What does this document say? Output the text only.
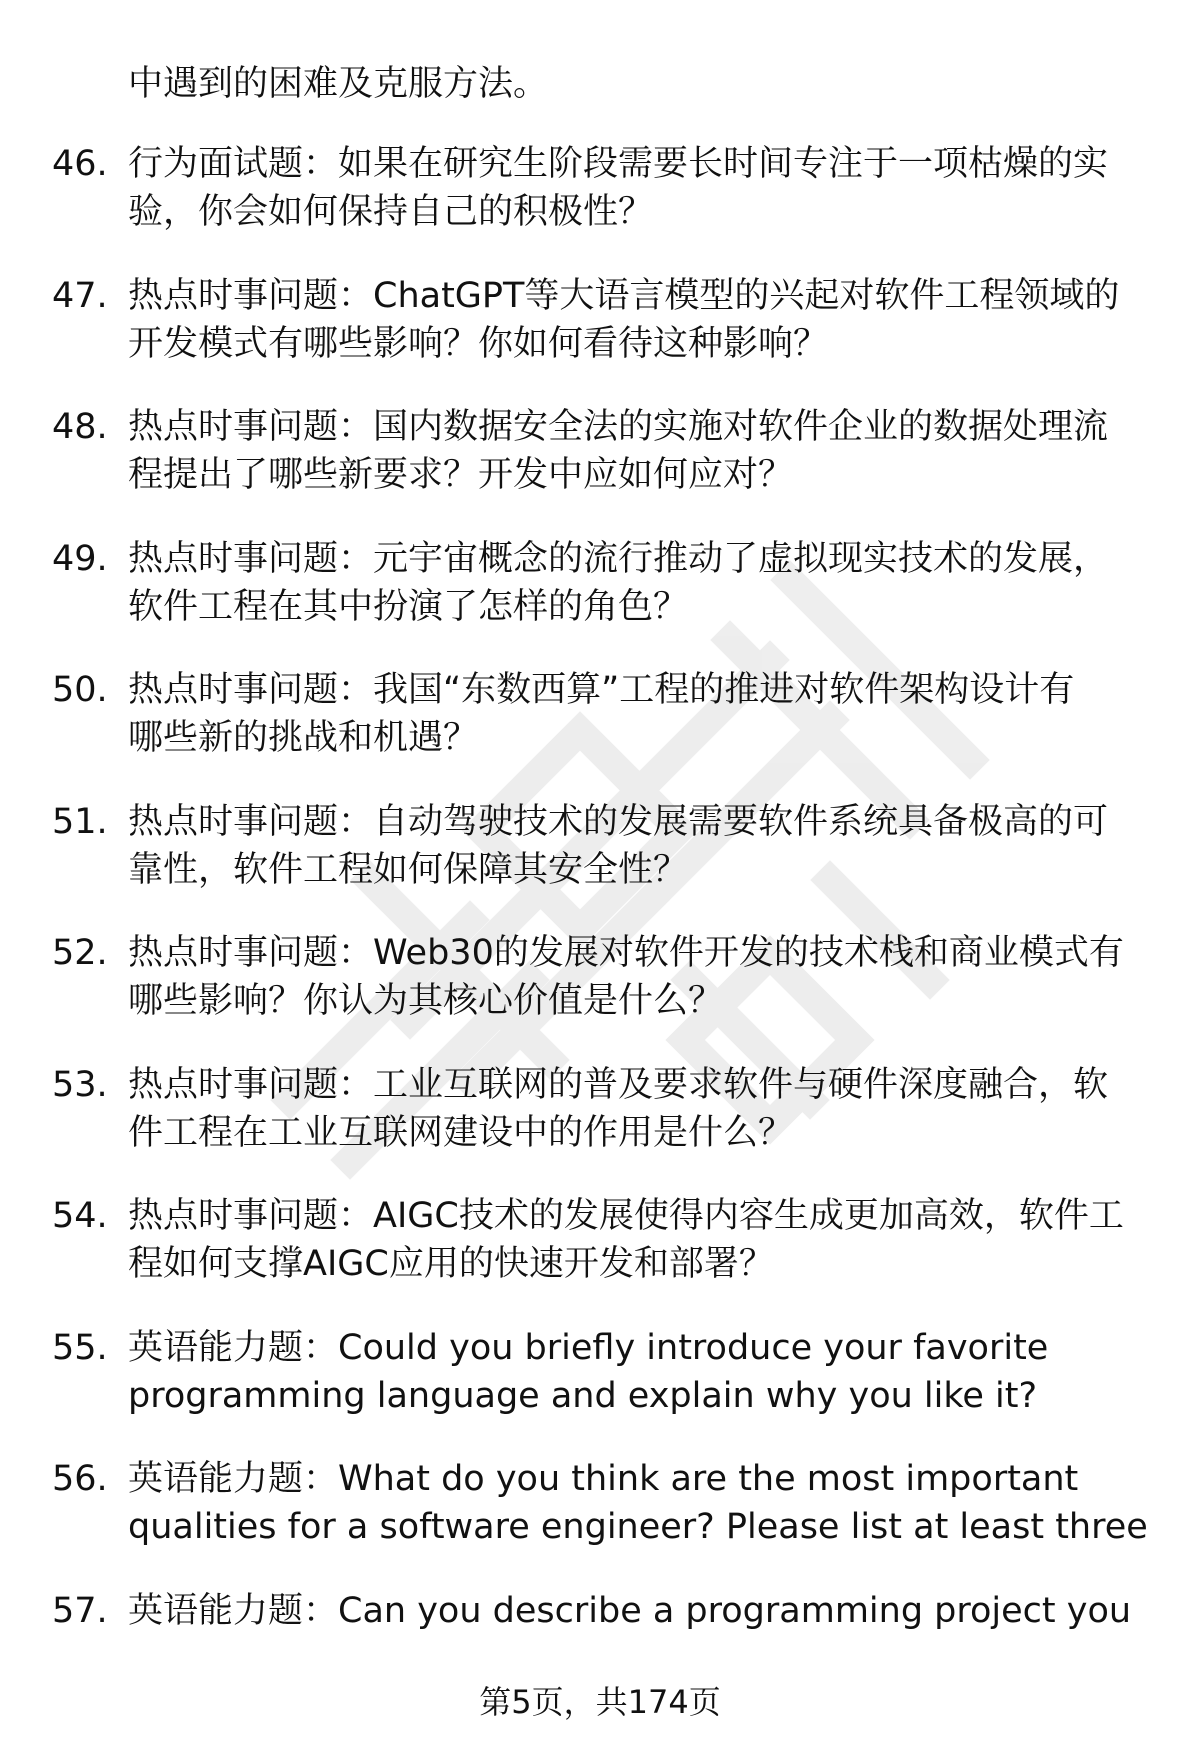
中遇到的困难及克服方法。
46. 行为面试题：如果在研究生阶段需要长时间专注于一项枯燥的实
验，你会如何保持自己的积极性？
47. 热点时事问题：ChatGPT等大语言模型的兴起对软件工程领域的
开发模式有哪些影响？你如何看待这种影响？
48. 热点时事问题：国内数据安全法的实施对软件企业的数据处理流
程提出了哪些新要求？开发中应如何应对？
49. 热点时事问题：元宇宙概念的流行推动了虚拟现实技术的发展，
软件工程在其中扮演了怎样的角色？
50. 热点时事问题：我国“东数西算”工程的推进对软件架构设计有
哪些新的挑战和机遇？
51. 热点时事问题：自动驾驶技术的发展需要软件系统具备极高的可
靠性，软件工程如何保障其安全性？
52. 热点时事问题：Web30的发展对软件开发的技术栈和商业模式有
哪些影响？你认为其核心价值是什么？
53. 热点时事问题：工业互联网的普及要求软件与硬件深度融合，软
件工程在工业互联网建设中的作用是什么？
54. 热点时事问题：AIGC技术的发展使得内容生成更加高效，软件工
程如何支撑AIGC应用的快速开发和部署？
55. 英语能力题：Could you briefly introduce your favorite
programming language and explain why you like it?
56. 英语能力题：What do you think are the most important
qualities for a software engineer? Please list at least three
57. 英语能力题：Can you describe a programming project you
第5页，共174页
